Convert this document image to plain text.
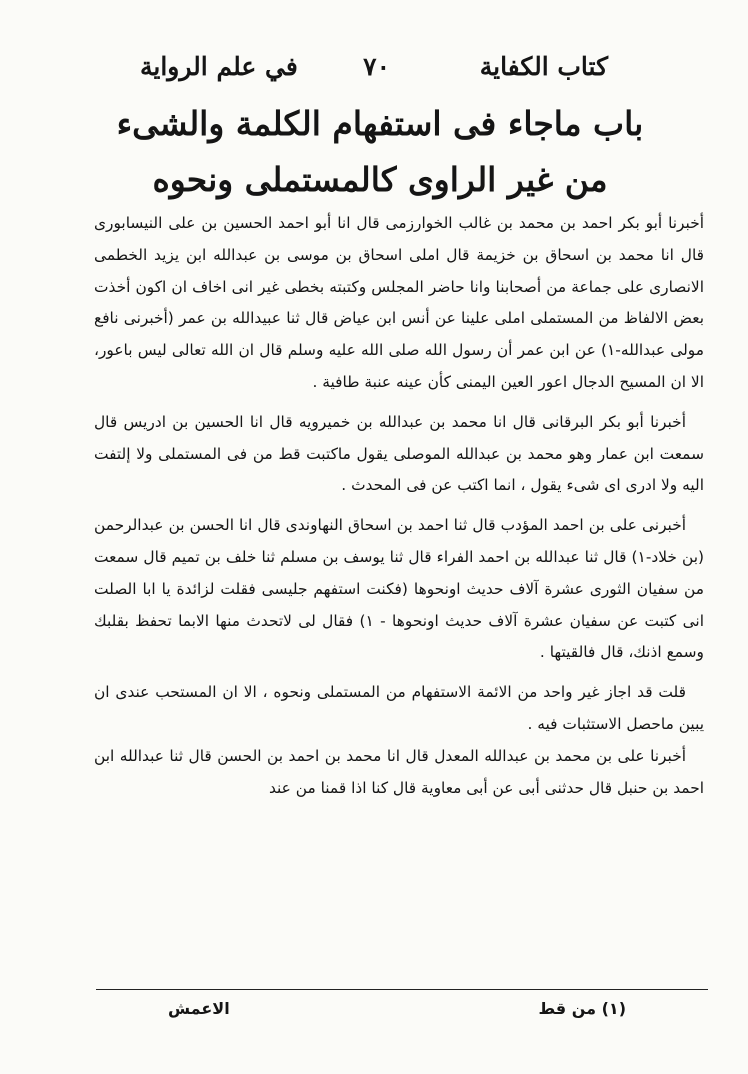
كتاب الكفاية
٧٠
في علم الرواية
باب ماجاء فى استفهام الكلمة والشىء
من غير الراوى كالمستملى ونحوه

أخبرنا أبو بكر احمد بن محمد بن غالب الخوارزمى قال انا أبو احمد الحسين بن على النيسابورى قال انا محمد بن اسحاق بن خزيمة قال املى اسحاق بن موسى بن عبدالله ابن يزيد الخطمى الانصارى على جماعة من أصحابنا وانا حاضر المجلس وكتبته بخطى غير انى اخاف ان اكون أخذت بعض الالفاظ من المستملى املى علينا عن أنس ابن عياض قال ثنا عبيدالله بن عمر (أخبرنى نافع مولى عبدالله-١) عن ابن عمر أن رسول الله صلى الله عليه وسلم قال ان الله تعالى ليس باعور، الا ان المسيح الدجال اعور العين اليمنى كأن عينه عنبة طافية .

أخبرنا أبو بكر البرقانى قال انا محمد بن عبدالله بن خميرويه قال انا الحسين بن ادريس قال سمعت ابن عمار وهو محمد بن عبدالله الموصلى يقول ماكتبت قط من فى المستملى ولا إلتفت اليه ولا ادرى اى شىء يقول ، انما اكتب عن فى المحدث .

أخبرنى على بن احمد المؤدب قال ثنا احمد بن اسحاق النهاوندى قال انا الحسن بن عبدالرحمن (بن خلاد-١) قال ثنا عبدالله بن احمد الفراء قال ثنا يوسف بن مسلم ثنا خلف بن تميم قال سمعت من سفيان الثورى عشرة آلاف حديث اونحوها (فكنت استفهم جليسى فقلت لزائدة يا ابا الصلت انى كتبت عن سفيان عشرة آلاف حديث اونحوها - ١) فقال لى لاتحدث منها الابما تحفظ بقلبك وسمع اذنك، قال فالقيتها .

قلت قد اجاز غير واحد من الائمة الاستفهام من المستملى ونحوه ، الا ان المستحب عندى ان يبين ماحصل الاستثبات فيه .

أخبرنا على بن محمد بن عبدالله المعدل قال انا محمد بن احمد بن الحسن قال ثنا عبدالله ابن احمد بن حنبل قال حدثنى أبى عن أبى معاوية قال كنا اذا قمنا من عند

(١) من قط
الاعمش
